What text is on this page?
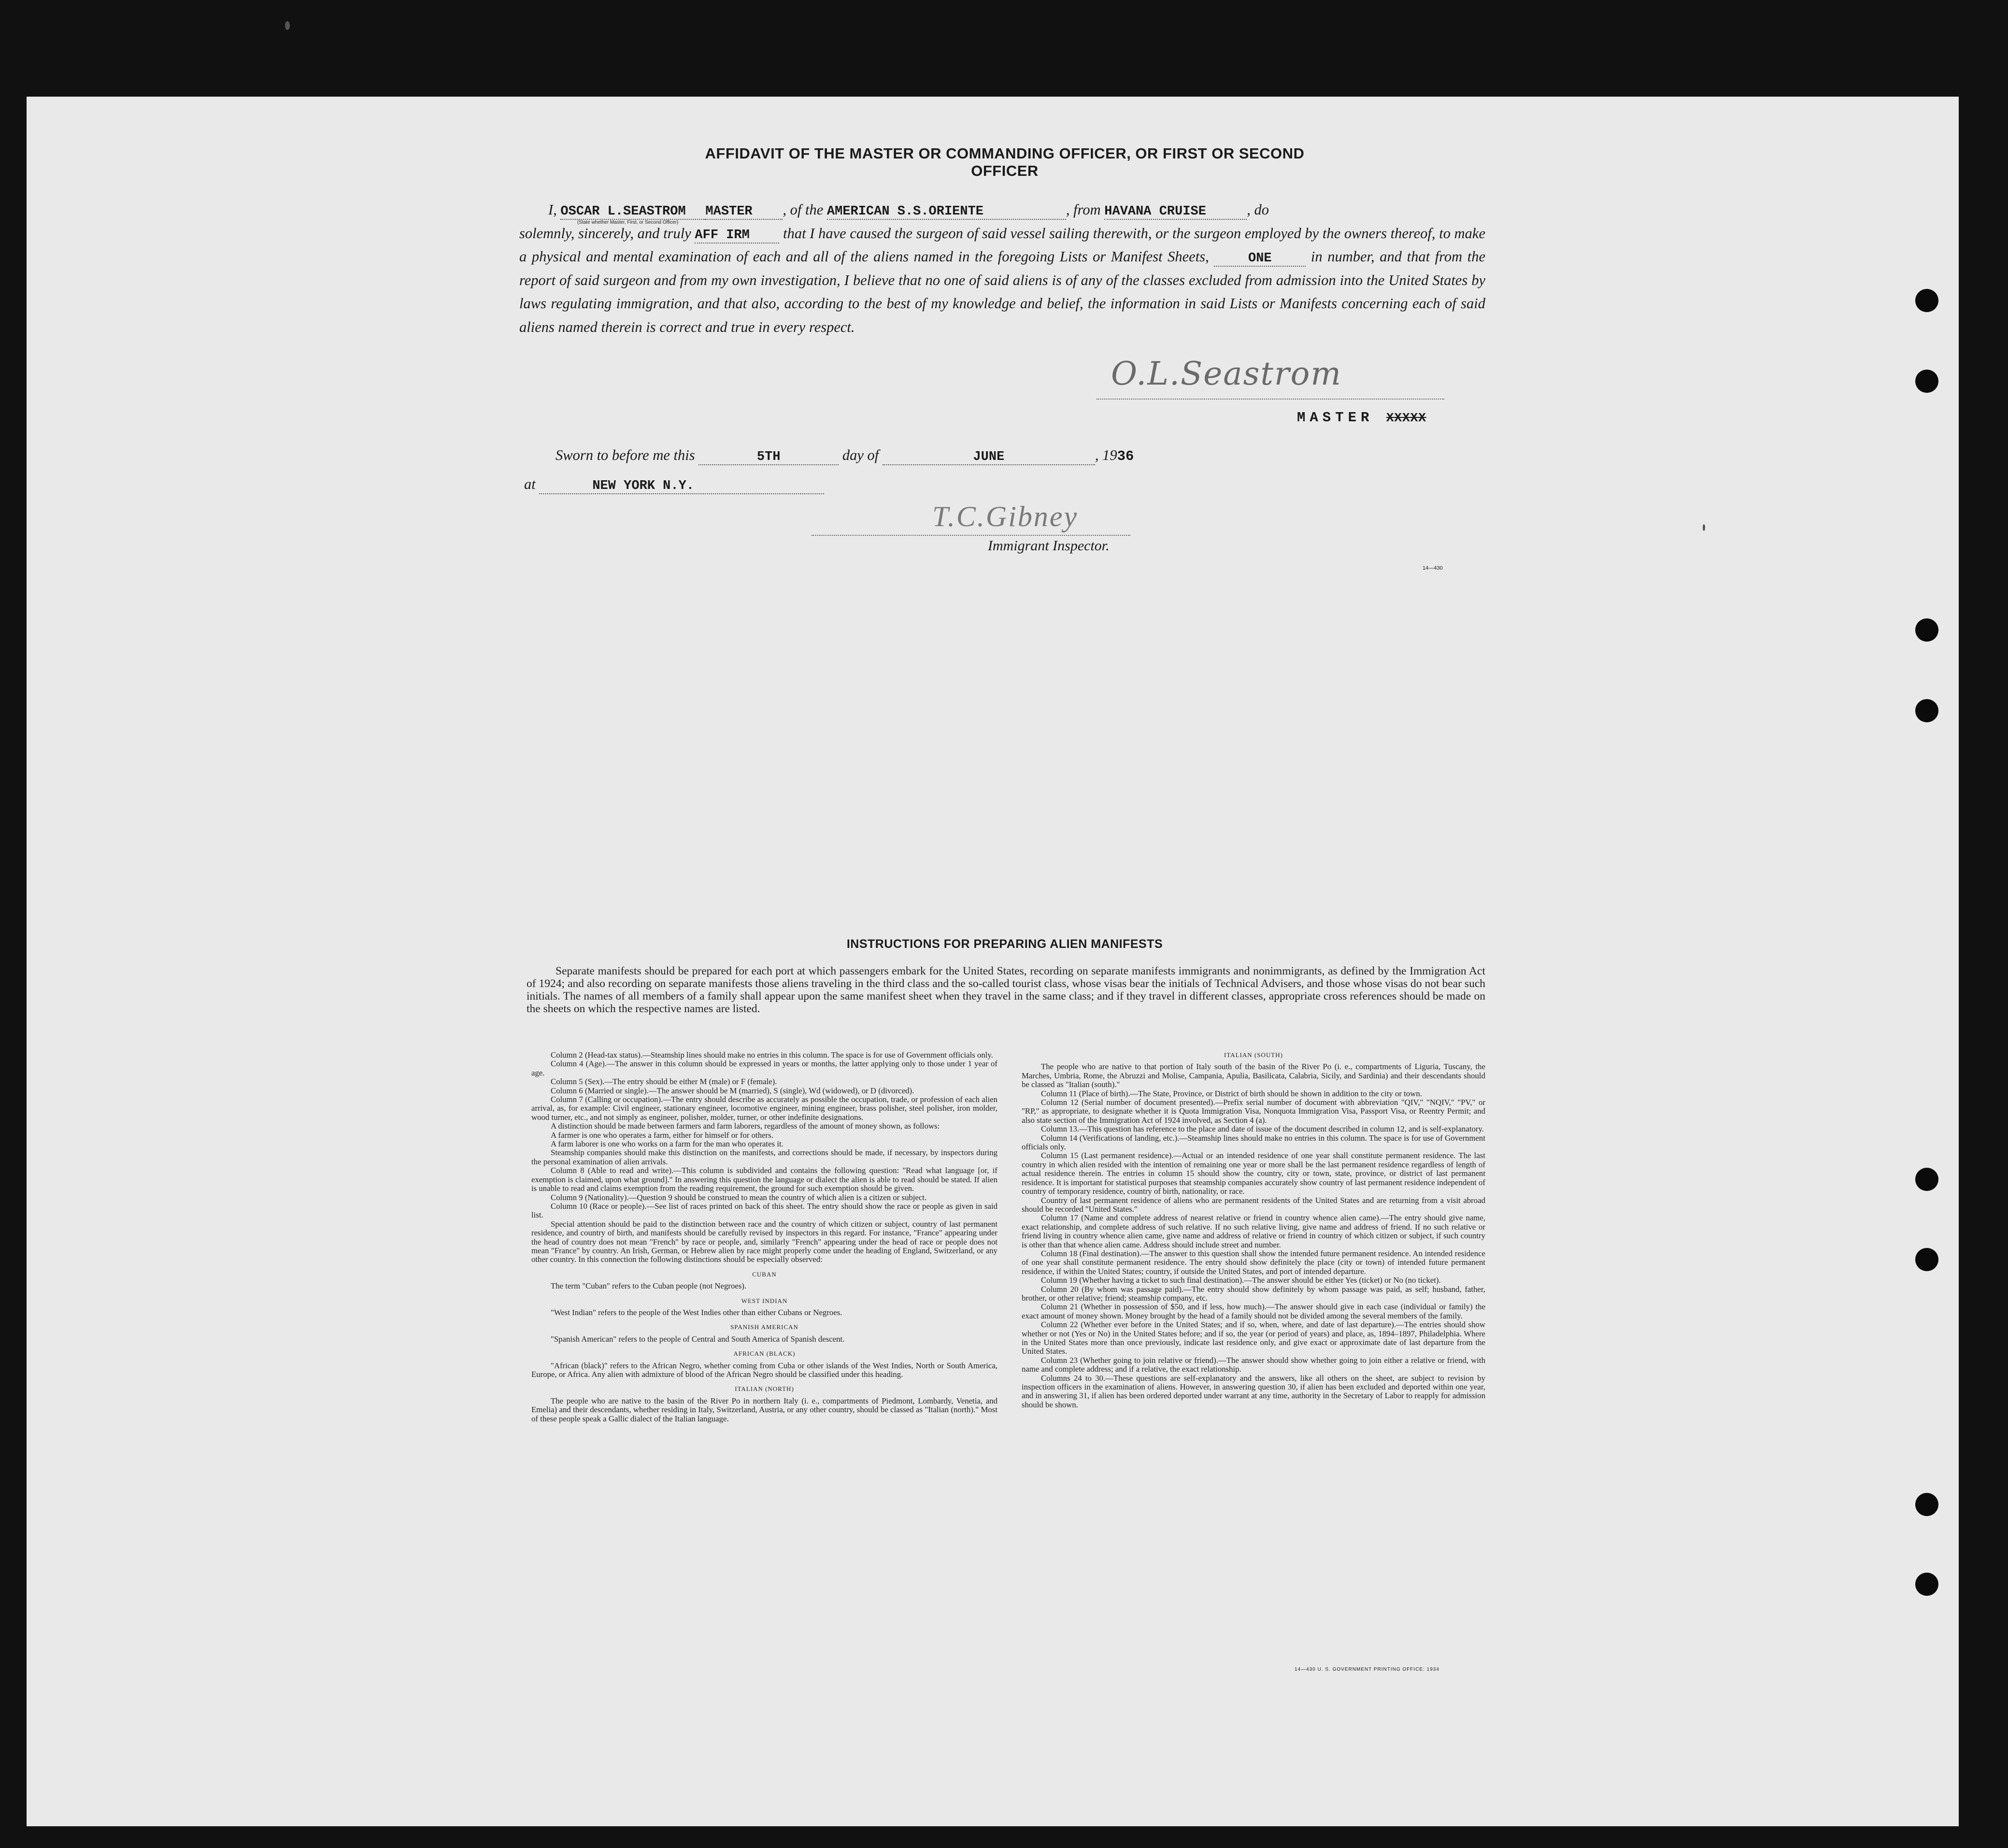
AFFIDAVIT OF THE MASTER OR COMMANDING OFFICER, OR FIRST OR SECOND OFFICER
I, OSCAR L.SEASTROM MASTER , of the AMERICAN S.S.ORIENTE	, from HAVANA CRUISE	, do
solemnly, sincerely, and truly AFF IRM that I have caused the surgeon of said vessel sailing therewith, or the surgeon employed by the owners thereof, to make a physical and mental examination of each and all of the aliens named in the foregoing Lists or Manifest Sheets,	ONE	in number, and that from the report of said surgeon and from my own investigation, I believe that no one of said aliens is of any of the classes excluded from admission into the United States by laws regulating immigration, and that also, according to the best of my knowledge and belief, the information in said Lists or Manifests concerning each of said aliens named therein is correct and true in every respect.
(State whether Master, First, or Second Officer)
O.L.Seastrom
MASTER XXXXX
Sworn to before me this	5TH	day of	JUNE	, 1936
at	NEW YORK N.Y.
T.C.Gibney
Immigrant Inspector.
14—430
INSTRUCTIONS FOR PREPARING ALIEN MANIFESTS
Separate manifests should be prepared for each port at which passengers embark for the United States, recording on separate manifests immigrants and nonimmigrants, as defined by the Immigration Act of 1924; and also recording on separate manifests those aliens traveling in the third class and the so-called tourist class, whose visas bear the initials of Technical Advisers, and those whose visas do not bear such initials. The names of all members of a family shall appear upon the same manifest sheet when they travel in the same class; and if they travel in different classes, appropriate cross references should be made on the sheets on which the respective names are listed.

Column 2 (Head-tax status).—Steamship lines should make no entries in this column. The space is for use of Government officials only.

Column 4 (Age).—The answer in this column should be expressed in years or months, the latter applying only to those under 1 year of age.

Column 5 (Sex).—The entry should be either M (male) or F (female).

Column 6 (Married or single).—The answer should be M (married), S (single), Wd (widowed), or D (divorced).

Column 7 (Calling or occupation).—The entry should describe as accurately as possible the occupation, trade, or profession of each alien arrival, as, for example: Civil engineer, stationary engineer, locomotive engineer, mining engineer, brass polisher, steel polisher, iron molder, wood turner, etc., and not simply as engineer, polisher, molder, turner, or other indefinite designations.

A distinction should be made between farmers and farm laborers, regardless of the amount of money shown, as follows:

A farmer is one who operates a farm, either for himself or for others.

A farm laborer is one who works on a farm for the man who operates it.

Steamship companies should make this distinction on the manifests, and corrections should be made, if necessary, by inspectors during the personal examination of alien arrivals.

Column 8 (Able to read and write).—This column is subdivided and contains the following question: "Read what language [or, if exemption is claimed, upon what ground]." In answering this question the language or dialect the alien is able to read should be stated. If alien is unable to read and claims exemption from the reading requirement, the ground for such exemption should be given.

Column 9 (Nationality).—Question 9 should be construed to mean the country of which alien is a citizen or subject.

Column 10 (Race or people).—See list of races printed on back of this sheet. The entry should show the race or people as given in said list.

Special attention should be paid to the distinction between race and the country of which citizen or subject, country of last permanent residence, and country of birth, and manifests should be carefully revised by inspectors in this regard. For instance, "France" appearing under the head of country does not mean "French" by race or people, and, similarly "French" appearing under the head of race or people does not mean "France" by country. An Irish, German, or Hebrew alien by race might properly come under the heading of England, Switzerland, or any other country. In this connection the following distinctions should be especially observed:

CUBAN

The term "Cuban" refers to the Cuban people (not Negroes).

WEST INDIAN

"West Indian" refers to the people of the West Indies other than either Cubans or Negroes.

SPANISH AMERICAN

"Spanish American" refers to the people of Central and South America of Spanish descent.

AFRICAN (BLACK)

"African (black)" refers to the African Negro, whether coming from Cuba or other islands of the West Indies, North or South America, Europe, or Africa. Any alien with admixture of blood of the African Negro should be classified under this heading.

ITALIAN (NORTH)

The people who are native to the basin of the River Po in northern Italy (i. e., compartments of Piedmont, Lombardy, Venetia, and Emelia) and their descendants, whether residing in Italy, Switzerland, Austria, or any other country, should be classed as "Italian (north)." Most of these people speak a Gallic dialect of the Italian language.

ITALIAN (SOUTH)

The people who are native to that portion of Italy south of the basin of the River Po (i. e., compartments of Liguria, Tuscany, the Marches, Umbria, Rome, the Abruzzi and Molise, Campania, Apulia, Basilicata, Calabria, Sicily, and Sardinia) and their descendants should be classed as "Italian (south)."

Column 11 (Place of birth).—The State, Province, or District of birth should be shown in addition to the city or town.

Column 12 (Serial number of document presented).—Prefix serial number of document with abbreviation "QIV," "NQIV," "PV," or "RP," as appropriate, to designate whether it is Quota Immigration Visa, Nonquota Immigration Visa, Passport Visa, or Reentry Permit; and also state section of the Immigration Act of 1924 involved, as Section 4 (a).

Column 13.—This question has reference to the place and date of issue of the document described in column 12, and is self-explanatory.

Column 14 (Verifications of landing, etc.).—Steamship lines should make no entries in this column. The space is for use of Government officials only.

Column 15 (Last permanent residence).—Actual or an intended residence of one year shall constitute permanent residence. The last country in which alien resided with the intention of remaining one year or more shall be the last permanent residence regardless of length of actual residence therein. The entries in column 15 should show the country, city or town, state, province, or district of last permanent residence. It is important for statistical purposes that steamship companies accurately show country of last permanent residence independent of country of temporary residence, country of birth, nationality, or race.

Country of last permanent residence of aliens who are permanent residents of the United States and are returning from a visit abroad should be recorded "United States."

Column 17 (Name and complete address of nearest relative or friend in country whence alien came).—The entry should give name, exact relationship, and complete address of such relative. If no such relative living, give name and address of friend. If no such relative or friend living in country whence alien came, give name and address of relative or friend in country of which citizen or subject, if such country is other than that whence alien came. Address should include street and number.

Column 18 (Final destination).—The answer to this question shall show the intended future permanent residence. An intended residence of one year shall constitute permanent residence. The entry should show definitely the place (city or town) of intended future permanent residence, if within the United States; country, if outside the United States, and port of intended departure.

Column 19 (Whether having a ticket to such final destination).—The answer should be either Yes (ticket) or No (no ticket).

Column 20 (By whom was passage paid).—The entry should show definitely by whom passage was paid, as self; husband, father, brother, or other relative; friend; steamship company, etc.

Column 21 (Whether in possession of $50, and if less, how much).—The answer should give in each case (individual or family) the exact amount of money shown. Money brought by the head of a family should not be divided among the several members of the family.

Column 22 (Whether ever before in the United States; and if so, when, where, and date of last departure).—The entries should show whether or not (Yes or No) in the United States before; and if so, the year (or period of years) and place, as, 1894–1897, Philadelphia. Where in the United States more than once previously, indicate last residence only, and give exact or approximate date of last departure from the United States.

Column 23 (Whether going to join relative or friend).—The answer should show whether going to join either a relative or friend, with name and complete address; and if a relative, the exact relationship.

Columns 24 to 30.—These questions are self-explanatory and the answers, like all others on the sheet, are subject to revision by inspection officers in the examination of aliens. However, in answering question 30, if alien has been excluded and deported within one year, and in answering 31, if alien has been ordered deported under warrant at any time, authority in the Secretary of Labor to reapply for admission should be shown.

14—430 U. S. GOVERNMENT PRINTING OFFICE: 1934
